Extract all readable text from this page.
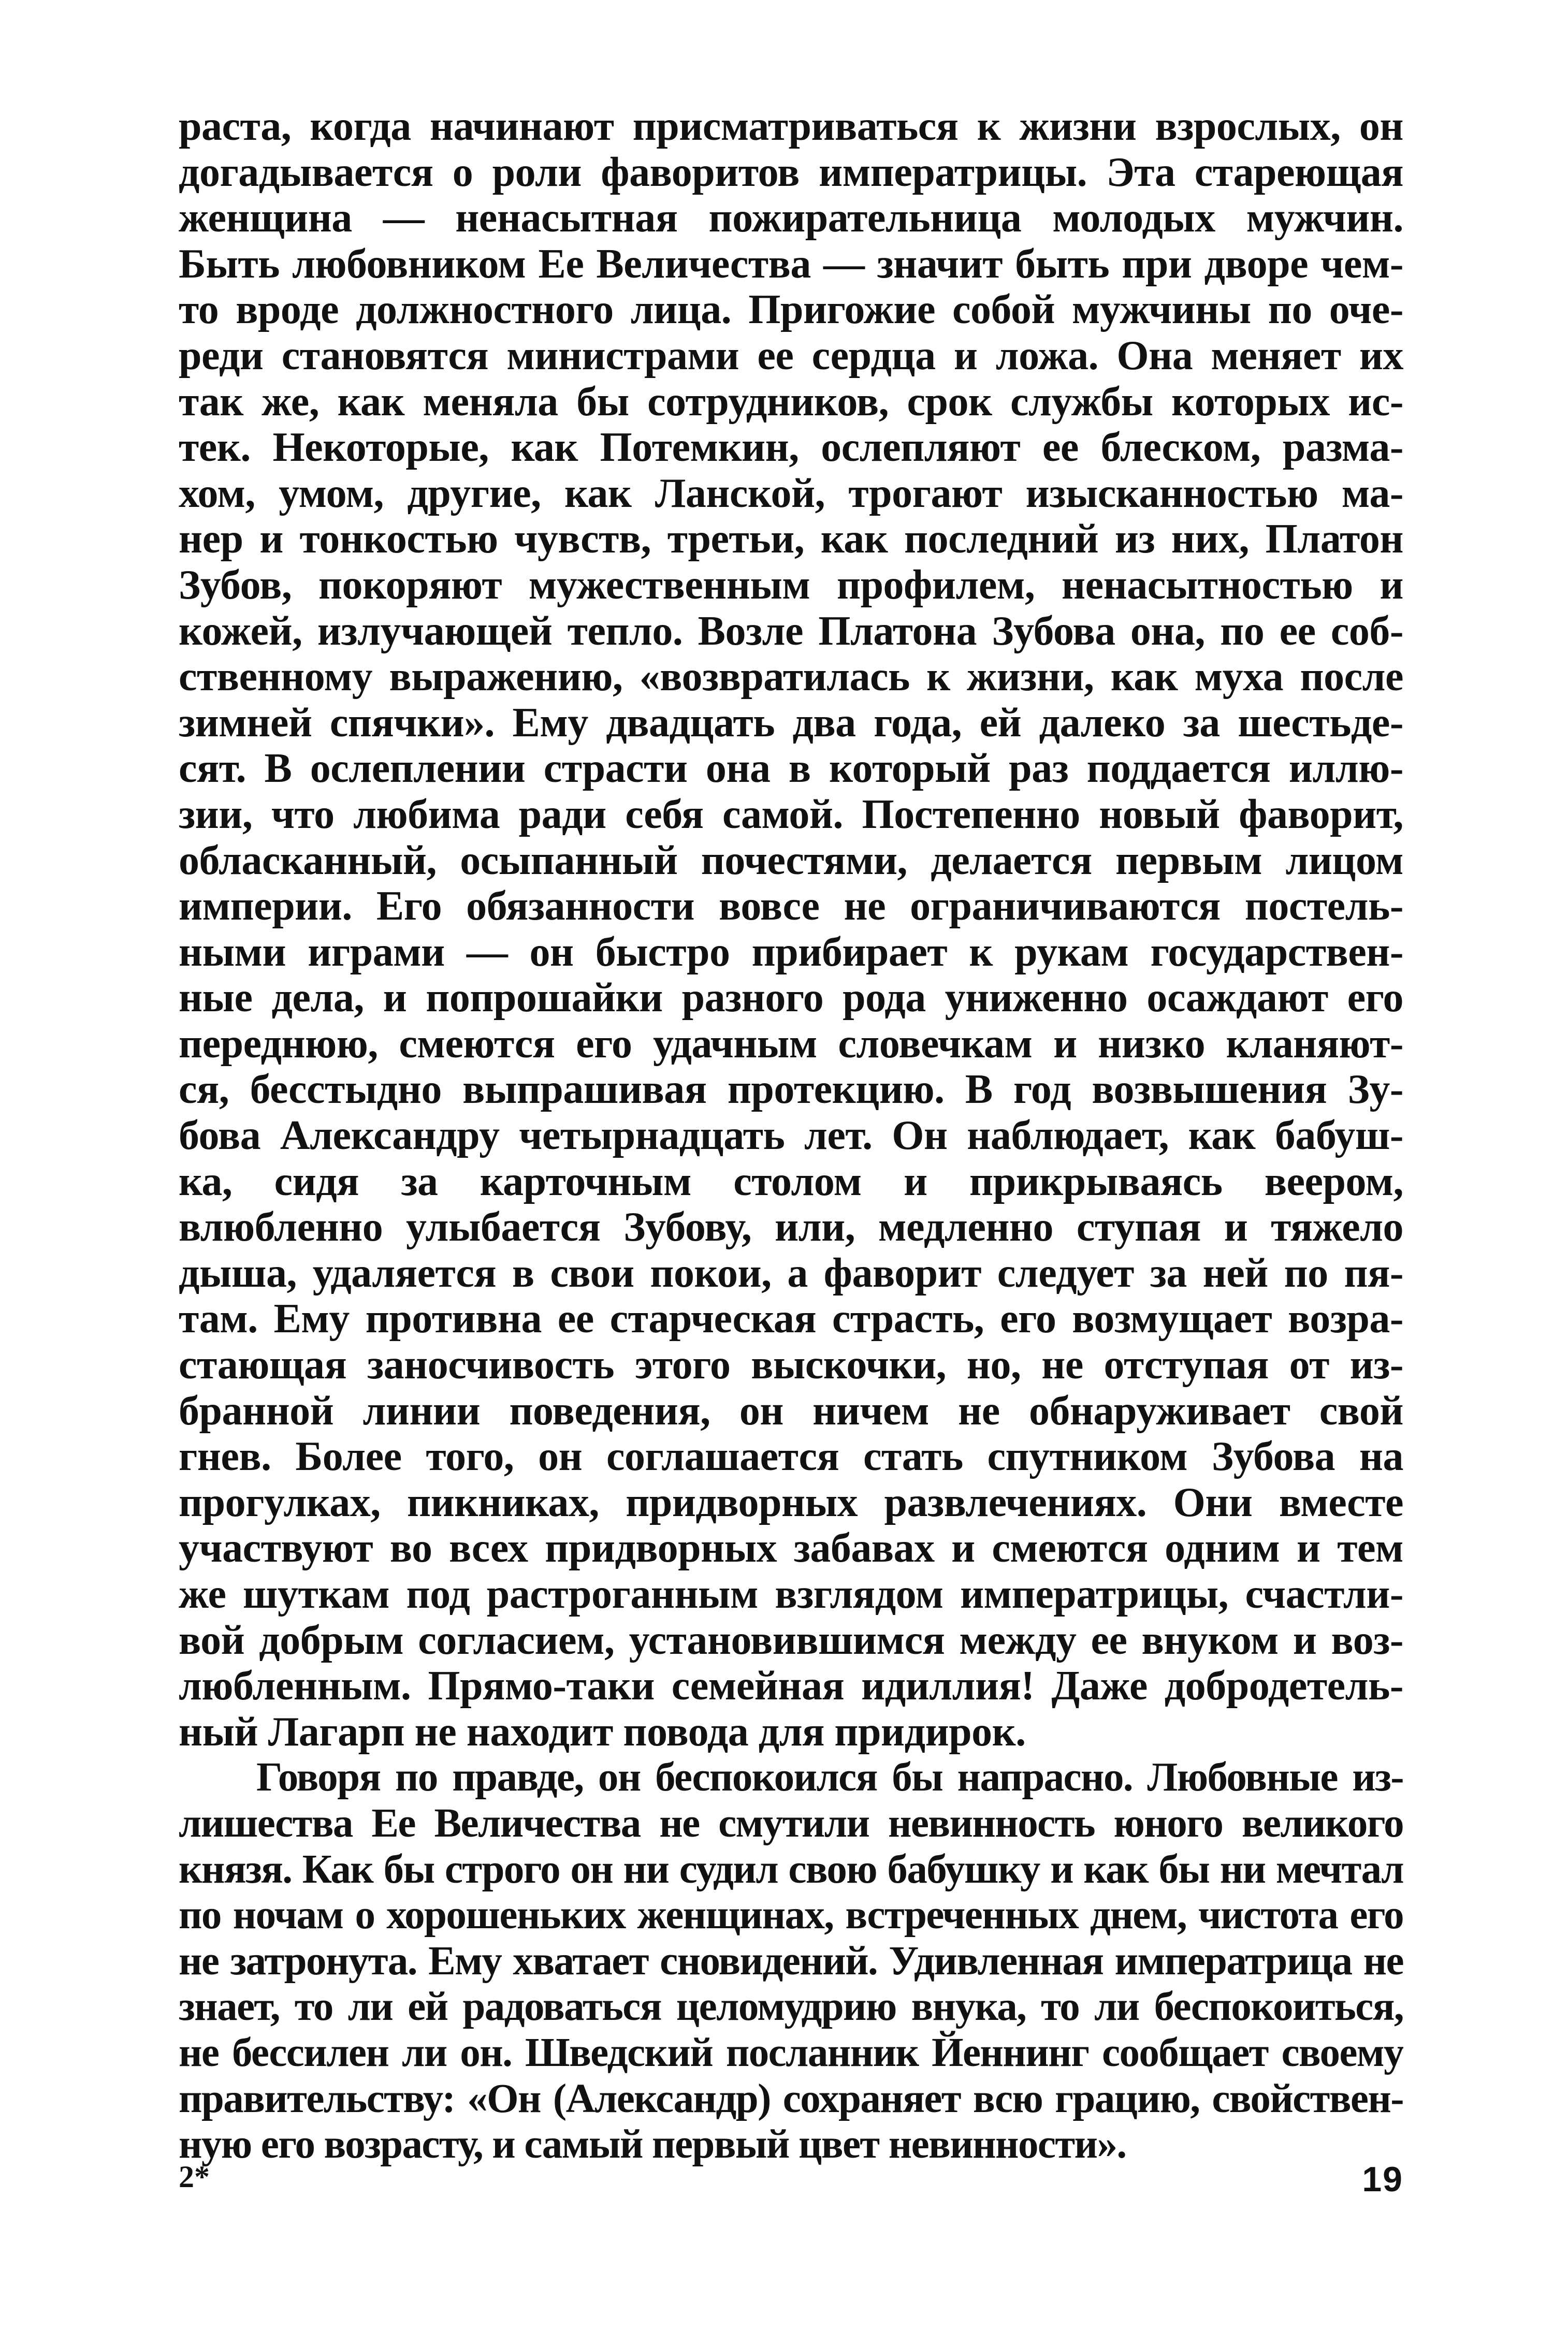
раста, когда начинают присматриваться к жизни взрослых, он
догадывается о роли фаворитов императрицы. Эта стареющая
женщина — ненасытная пожирательница молодых мужчин.
Быть любовником Ее Величества — значит быть при дворе чем-
то вроде должностного лица. Пригожие собой мужчины по оче-
реди становятся министрами ее сердца и ложа. Она меняет их
так же, как меняла бы сотрудников, срок службы которых ис-
тек. Некоторые, как Потемкин, ослепляют ее блеском, разма-
хом, умом, другие, как Ланской, трогают изысканностью ма-
нер и тонкостью чувств, третьи, как последний из них, Платон
Зубов, покоряют мужественным профилем, ненасытностью и
кожей, излучающей тепло. Возле Платона Зубова она, по ее соб-
ственному выражению, «возвратилась к жизни, как муха после
зимней спячки». Ему двадцать два года, ей далеко за шестьде-
сят. В ослеплении страсти она в который раз поддается иллю-
зии, что любима ради себя самой. Постепенно новый фаворит,
обласканный, осыпанный почестями, делается первым лицом
империи. Его обязанности вовсе не ограничиваются постель-
ными играми — он быстро прибирает к рукам государствен-
ные дела, и попрошайки разного рода униженно осаждают его
переднюю, смеются его удачным словечкам и низко кланяют-
ся, бесстыдно выпрашивая протекцию. В год возвышения Зу-
бова Александру четырнадцать лет. Он наблюдает, как бабуш-
ка, сидя за карточным столом и прикрываясь веером,
влюбленно улыбается Зубову, или, медленно ступая и тяжело
дыша, удаляется в свои покои, а фаворит следует за ней по пя-
там. Ему противна ее старческая страсть, его возмущает возра-
стающая заносчивость этого выскочки, но, не отступая от из-
бранной линии поведения, он ничем не обнаруживает свой
гнев. Более того, он соглашается стать спутником Зубова на
прогулках, пикниках, придворных развлечениях. Они вместе
участвуют во всех придворных забавах и смеются одним и тем
же шуткам под растроганным взглядом императрицы, счастли-
вой добрым согласием, установившимся между ее внуком и воз-
любленным. Прямо-таки семейная идиллия! Даже добродетель-
ный Лагарп не находит повода для придирок.
Говоря по правде, он беспокоился бы напрасно. Любовные из-
лишества Ее Величества не смутили невинность юного великого
князя. Как бы строго он ни судил свою бабушку и как бы ни мечтал
по ночам о хорошеньких женщинах, встреченных днем, чистота его
не затронута. Ему хватает сновидений. Удивленная императрица не
знает, то ли ей радоваться целомудрию внука, то ли беспокоиться,
не бессилен ли он. Шведский посланник Йеннинг сообщает своему
правительству: «Он (Александр) сохраняет всю грацию, свойствен-
ную его возрасту, и самый первый цвет невинности».
2*	19
